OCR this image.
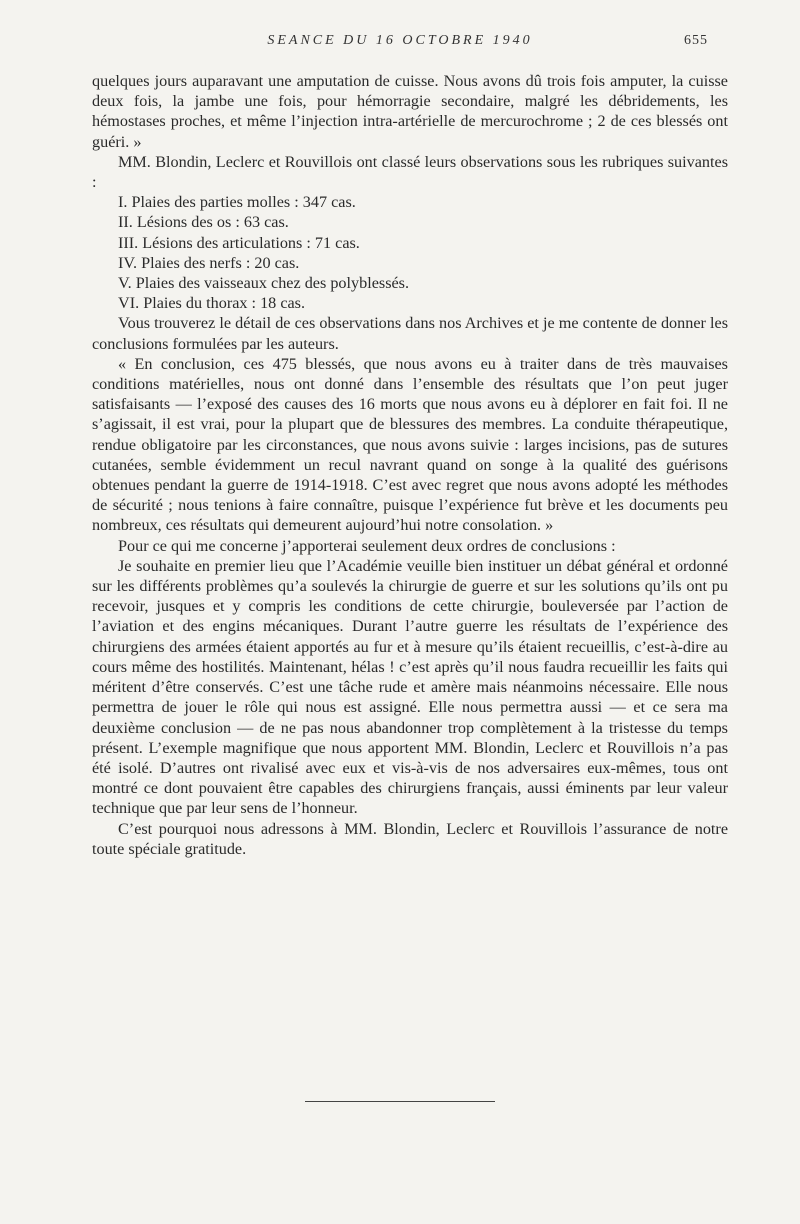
SEANCE DU 16 OCTOBRE 1940	655

quelques jours auparavant une amputation de cuisse. Nous avons dû trois fois amputer, la cuisse deux fois, la jambe une fois, pour hémorragie secondaire, malgré les débridements, les hémostases proches, et même l’injection intra-artérielle de mercurochrome ; 2 de ces blessés ont guéri. »

MM. Blondin, Leclerc et Rouvillois ont classé leurs observations sous les rubriques suivantes :

I. Plaies des parties molles : 347 cas.
II. Lésions des os : 63 cas.
III. Lésions des articulations : 71 cas.
IV. Plaies des nerfs : 20 cas.
V. Plaies des vaisseaux chez des polyblessés.
VI. Plaies du thorax : 18 cas.

Vous trouverez le détail de ces observations dans nos Archives et je me contente de donner les conclusions formulées par les auteurs.

« En conclusion, ces 475 blessés, que nous avons eu à traiter dans de très mauvaises conditions matérielles, nous ont donné dans l’ensemble des résultats que l’on peut juger satisfaisants — l’exposé des causes des 16 morts que nous avons eu à déplorer en fait foi. Il ne s’agissait, il est vrai, pour la plupart que de blessures des membres. La conduite thérapeutique, rendue obligatoire par les circonstances, que nous avons suivie : larges incisions, pas de sutures cutanées, semble évidemment un recul navrant quand on songe à la qualité des guérisons obtenues pendant la guerre de 1914-1918. C’est avec regret que nous avons adopté les méthodes de sécurité ; nous tenions à faire connaître, puisque l’expérience fut brève et les documents peu nombreux, ces résultats qui demeurent aujourd’hui notre consolation. »

Pour ce qui me concerne j’apporterai seulement deux ordres de conclusions :

Je souhaite en premier lieu que l’Académie veuille bien instituer un débat général et ordonné sur les différents problèmes qu’a soulevés la chirurgie de guerre et sur les solutions qu’ils ont pu recevoir, jusques et y compris les conditions de cette chirurgie, bouleversée par l’action de l’aviation et des engins mécaniques. Durant l’autre guerre les résultats de l’expérience des chirurgiens des armées étaient apportés au fur et à mesure qu’ils étaient recueillis, c’est-à-dire au cours même des hostilités. Maintenant, hélas ! c’est après qu’il nous faudra recueillir les faits qui méritent d’être conservés. C’est une tâche rude et amère mais néanmoins nécessaire. Elle nous permettra de jouer le rôle qui nous est assigné. Elle nous permettra aussi — et ce sera ma deuxième conclusion — de ne pas nous abandonner trop complètement à la tristesse du temps présent. L’exemple magnifique que nous apportent MM. Blondin, Leclerc et Rouvillois n’a pas été isolé. D’autres ont rivalisé avec eux et vis-à-vis de nos adversaires eux-mêmes, tous ont montré ce dont pouvaient être capables des chirurgiens français, aussi éminents par leur valeur technique que par leur sens de l’honneur.

C’est pourquoi nous adressons à MM. Blondin, Leclerc et Rouvillois l’assurance de notre toute spéciale gratitude.
